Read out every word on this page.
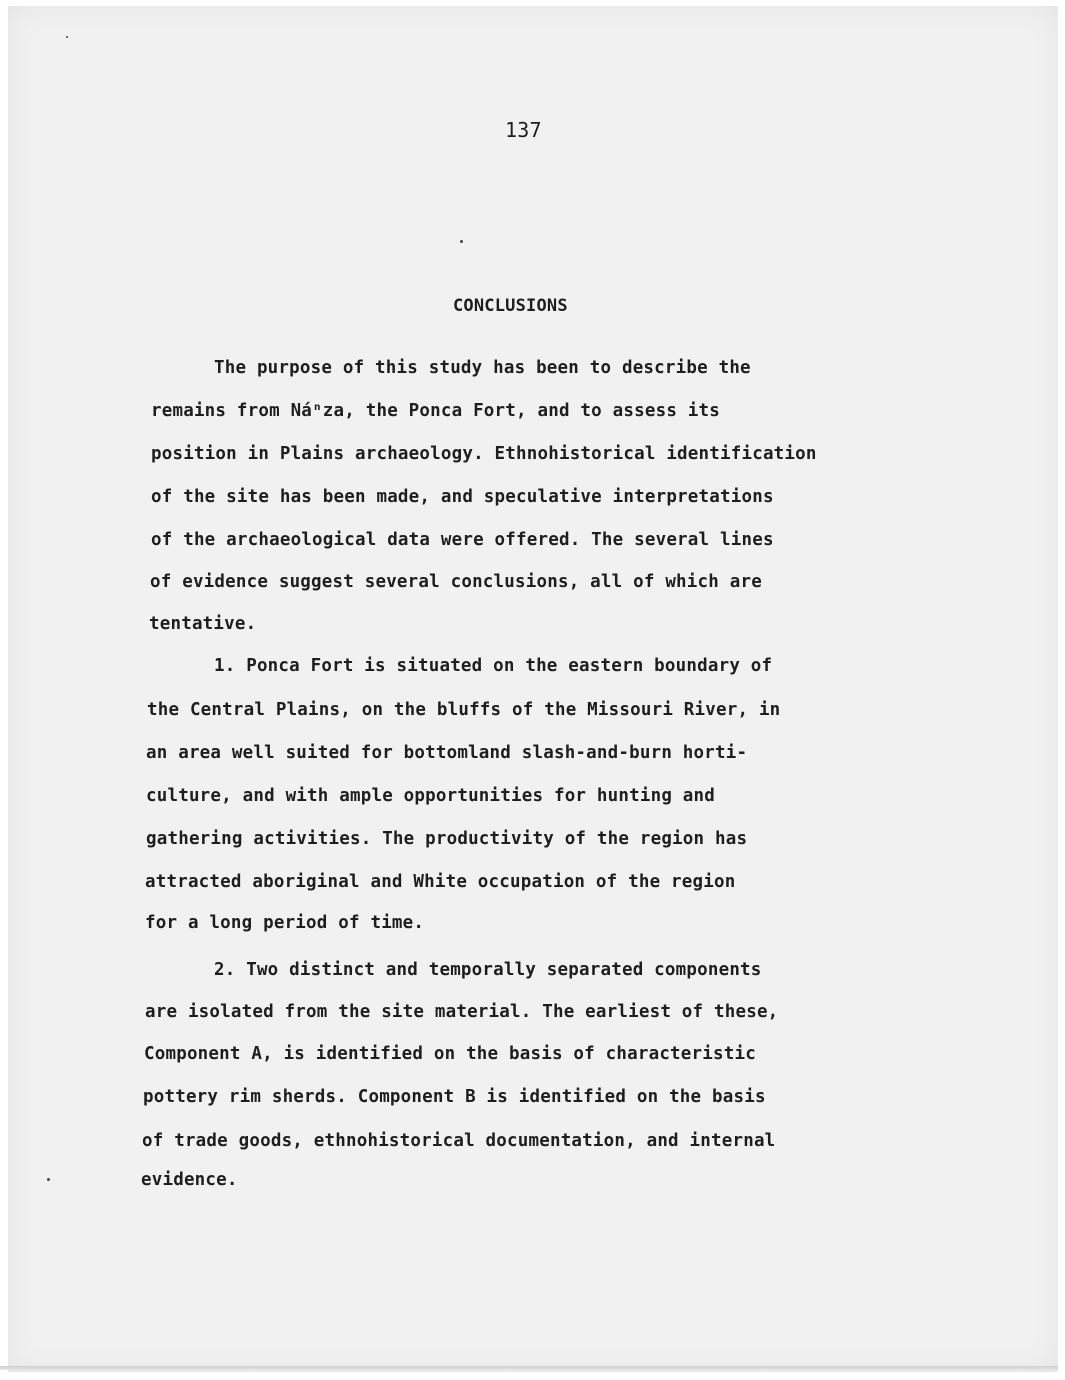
137

CONCLUSIONS

The purpose of this study has been to describe the

remains from Náⁿza, the Ponca Fort, and to assess its

position in Plains archaeology. Ethnohistorical identification

of the site has been made, and speculative interpretations

of the archaeological data were offered. The several lines

of evidence suggest several conclusions, all of which are

tentative.

1. Ponca Fort is situated on the eastern boundary of

the Central Plains, on the bluffs of the Missouri River, in

an area well suited for bottomland slash-and-burn horti-

culture, and with ample opportunities for hunting and

gathering activities. The productivity of the region has

attracted aboriginal and White occupation of the region

for a long period of time.

2. Two distinct and temporally separated components

are isolated from the site material. The earliest of these,

Component A, is identified on the basis of characteristic

pottery rim sherds. Component B is identified on the basis

of trade goods, ethnohistorical documentation, and internal

evidence.
